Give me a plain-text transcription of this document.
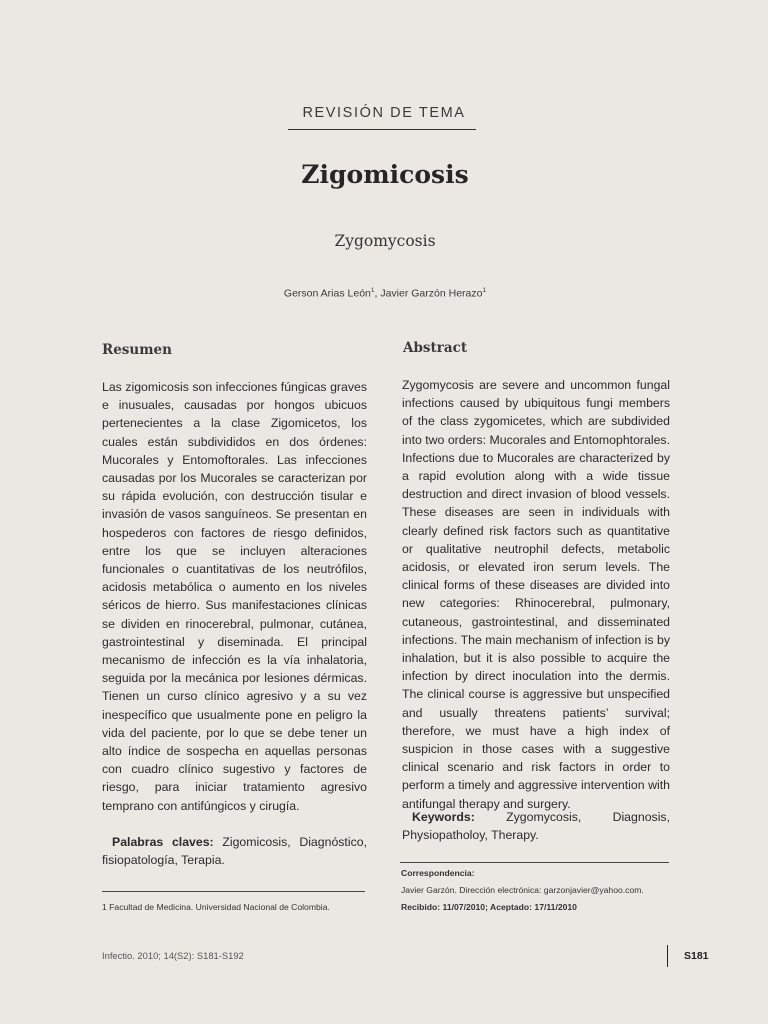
REVISIÓN DE TEMA
Zigomicosis
Zygomycosis
Gerson Arias León$^1$, Javier Garzón Herazo$^1$
Resumen
Las zigomicosis son infecciones fúngicas graves e inusuales, causadas por hongos ubicuos pertenecientes a la clase Zigomicetos, los cuales están subdivididos en dos órdenes: Mucorales y Entomoftorales. Las infecciones causadas por los Mucorales se caracterizan por su rápida evolución, con destrucción tisular e invasión de vasos sanguíneos. Se presentan en hospederos con factores de riesgo definidos, entre los que se incluyen alteraciones funcionales o cuantitativas de los neutrófilos, acidosis metabólica o aumento en los niveles séricos de hierro. Sus manifestaciones clínicas se dividen en rinocerebral, pulmonar, cutánea, gastrointestinal y diseminada. El principal mecanismo de infección es la vía inhalatoria, seguida por la mecánica por lesiones dérmicas. Tienen un curso clínico agresivo y a su vez inespecífico que usualmente pone en peligro la vida del paciente, por lo que se debe tener un alto índice de sospecha en aquellas personas con cuadro clínico sugestivo y factores de riesgo, para iniciar tratamiento agresivo temprano con antifúngicos y cirugía.
Palabras claves: Zigomicosis, Diagnóstico, fisiopatología, Terapia.
Abstract
Zygomycosis are severe and uncommon fungal infections caused by ubiquitous fungi members of the class zygomicetes, which are subdivided into two orders: Mucorales and Entomophtorales. Infections due to Mucorales are characterized by a rapid evolution along with a wide tissue destruction and direct invasion of blood vessels. These diseases are seen in individuals with clearly defined risk factors such as quantitative or qualitative neutrophil defects, metabolic acidosis, or elevated iron serum levels. The clinical forms of these diseases are divided into new categories: Rhinocerebral, pulmonary, cutaneous, gastrointestinal, and disseminated infections. The main mechanism of infection is by inhalation, but it is also possible to acquire the infection by direct inoculation into the dermis. The clinical course is aggressive but unspecified and usually threatens patients’ survival; therefore, we must have a high index of suspicion in those cases with a suggestive clinical scenario and risk factors in order to perform a timely and aggressive intervention with antifungal therapy and surgery.
Keywords: Zygomycosis, Diagnosis, Physiopatholoy, Therapy.
1 Facultad de Medicina. Universidad Nacional de Colombia.
Correspondencia:
Javier Garzón. Dirección electrónica: garzonjavier@yahoo.com.
Recibido: 11/07/2010; Aceptado: 17/11/2010
Infectio. 2010; 14(S2): S181-S192	S181
